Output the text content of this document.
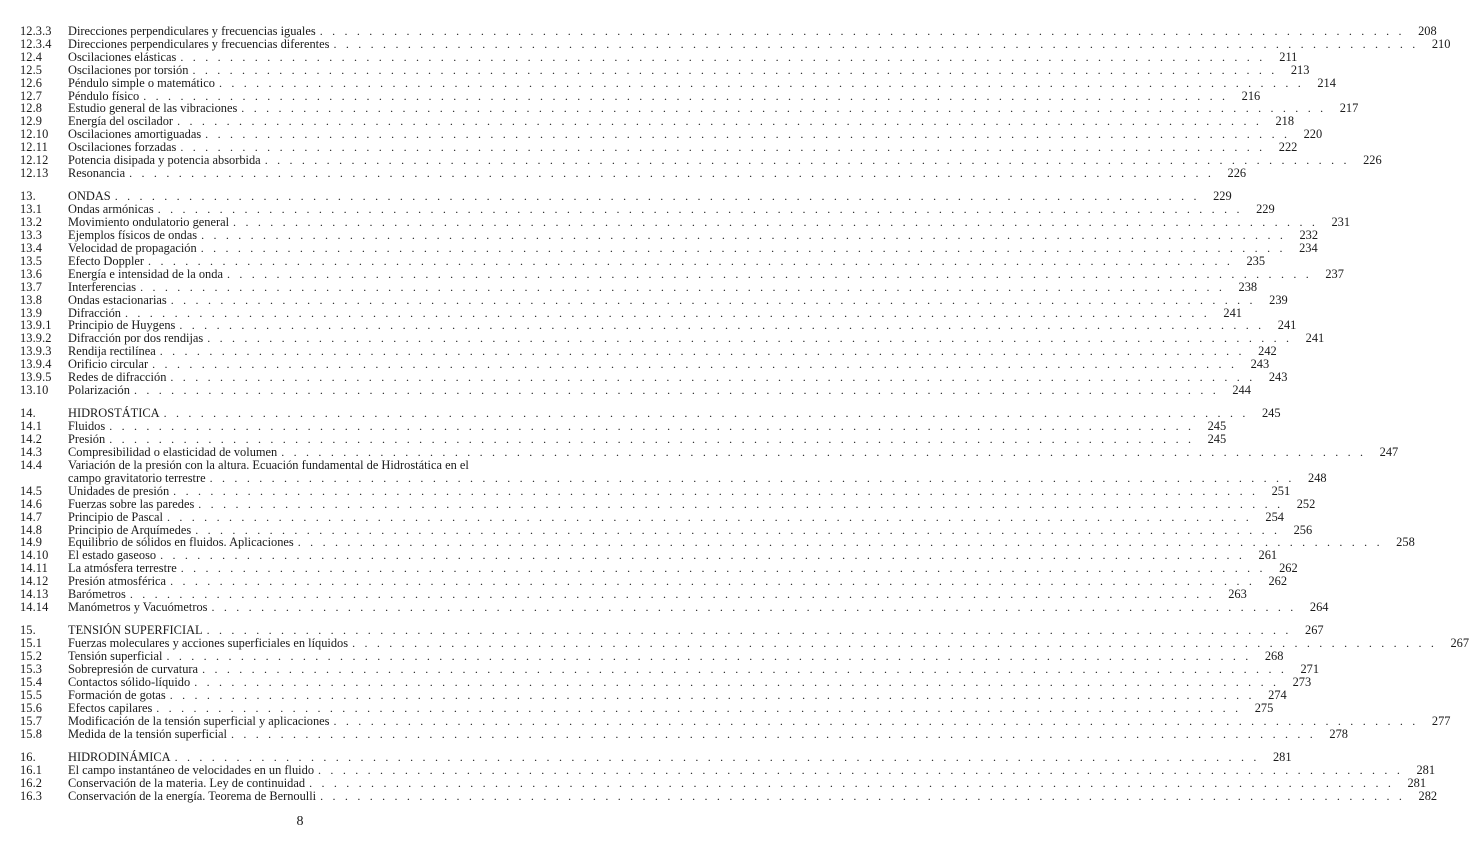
12.3.3	Direcciones perpendiculares y frecuencias iguales . . .	208
12.3.4	Direcciones perpendiculares y frecuencias diferentes . . .	210
12.4	Oscilaciones elásticas . . .	211
12.5	Oscilaciones por torsión . . .	213
12.6	Péndulo simple o matemático . . .	214
12.7	Péndulo físico . . .	216
12.8	Estudio general de las vibraciones . . .	217
12.9	Energía del oscilador . . .	218
12.10	Oscilaciones amortiguadas . . .	220
12.11	Oscilaciones forzadas . . .	222
12.12	Potencia disipada y potencia absorbida . . .	226
12.13	Resonancia . . .	226
13.	ONDAS . . .	229
13.1	Ondas armónicas . . .	229
13.2	Movimiento ondulatorio general . . .	231
13.3	Ejemplos físicos de ondas . . .	232
13.4	Velocidad de propagación . . .	234
13.5	Efecto Doppler . . .	235
13.6	Energía e intensidad de la onda . . .	237
13.7	Interferencias . . .	238
13.8	Ondas estacionarias . . .	239
13.9	Difracción . . .	241
13.9.1	Principio de Huygens . . .	241
13.9.2	Difracción por dos rendijas . . .	241
13.9.3	Rendija rectilínea . . .	242
13.9.4	Orificio circular . . .	243
13.9.5	Redes de difracción . . .	243
13.10	Polarización . . .	244
14.	HIDROSTÁTICA . . .	245
14.1	Fluidos . . .	245
14.2	Presión . . .	245
14.3	Compresibilidad o elasticidad de volumen . . .	247
14.4	Variación de la presión con la altura. Ecuación fundamental de Hidrostática en el
campo gravitatorio terrestre . . .	248
14.5	Unidades de presión . . .	251
14.6	Fuerzas sobre las paredes . . .	252
14.7	Principio de Pascal . . .	254
14.8	Principio de Arquímedes . . .	256
14.9	Equilibrio de sólidos en fluidos. Aplicaciones . . .	258
14.10	El estado gaseoso . . .	261
14.11	La atmósfera terrestre . . .	262
14.12	Presión atmosférica . . .	262
14.13	Barómetros . . .	263
14.14	Manómetros y Vacuómetros . . .	264
15.	TENSIÓN SUPERFICIAL . . .	267
15.1	Fuerzas moleculares y acciones superficiales en líquidos . . .	267
15.2	Tensión superficial . . .	268
15.3	Sobrepresión de curvatura . . .	271
15.4	Contactos sólido-líquido . . .	273
15.5	Formación de gotas . . .	274
15.6	Efectos capilares . . .	275
15.7	Modificación de la tensión superficial y aplicaciones . . .	277
15.8	Medida de la tensión superficial . . .	278
16.	HIDRODINÁMICA . . .	281
16.1	El campo instantáneo de velocidades en un fluido . . .	281
16.2	Conservación de la materia. Ley de continuidad . . .	281
16.3	Conservación de la energía. Teorema de Bernoulli . . .	282
8
